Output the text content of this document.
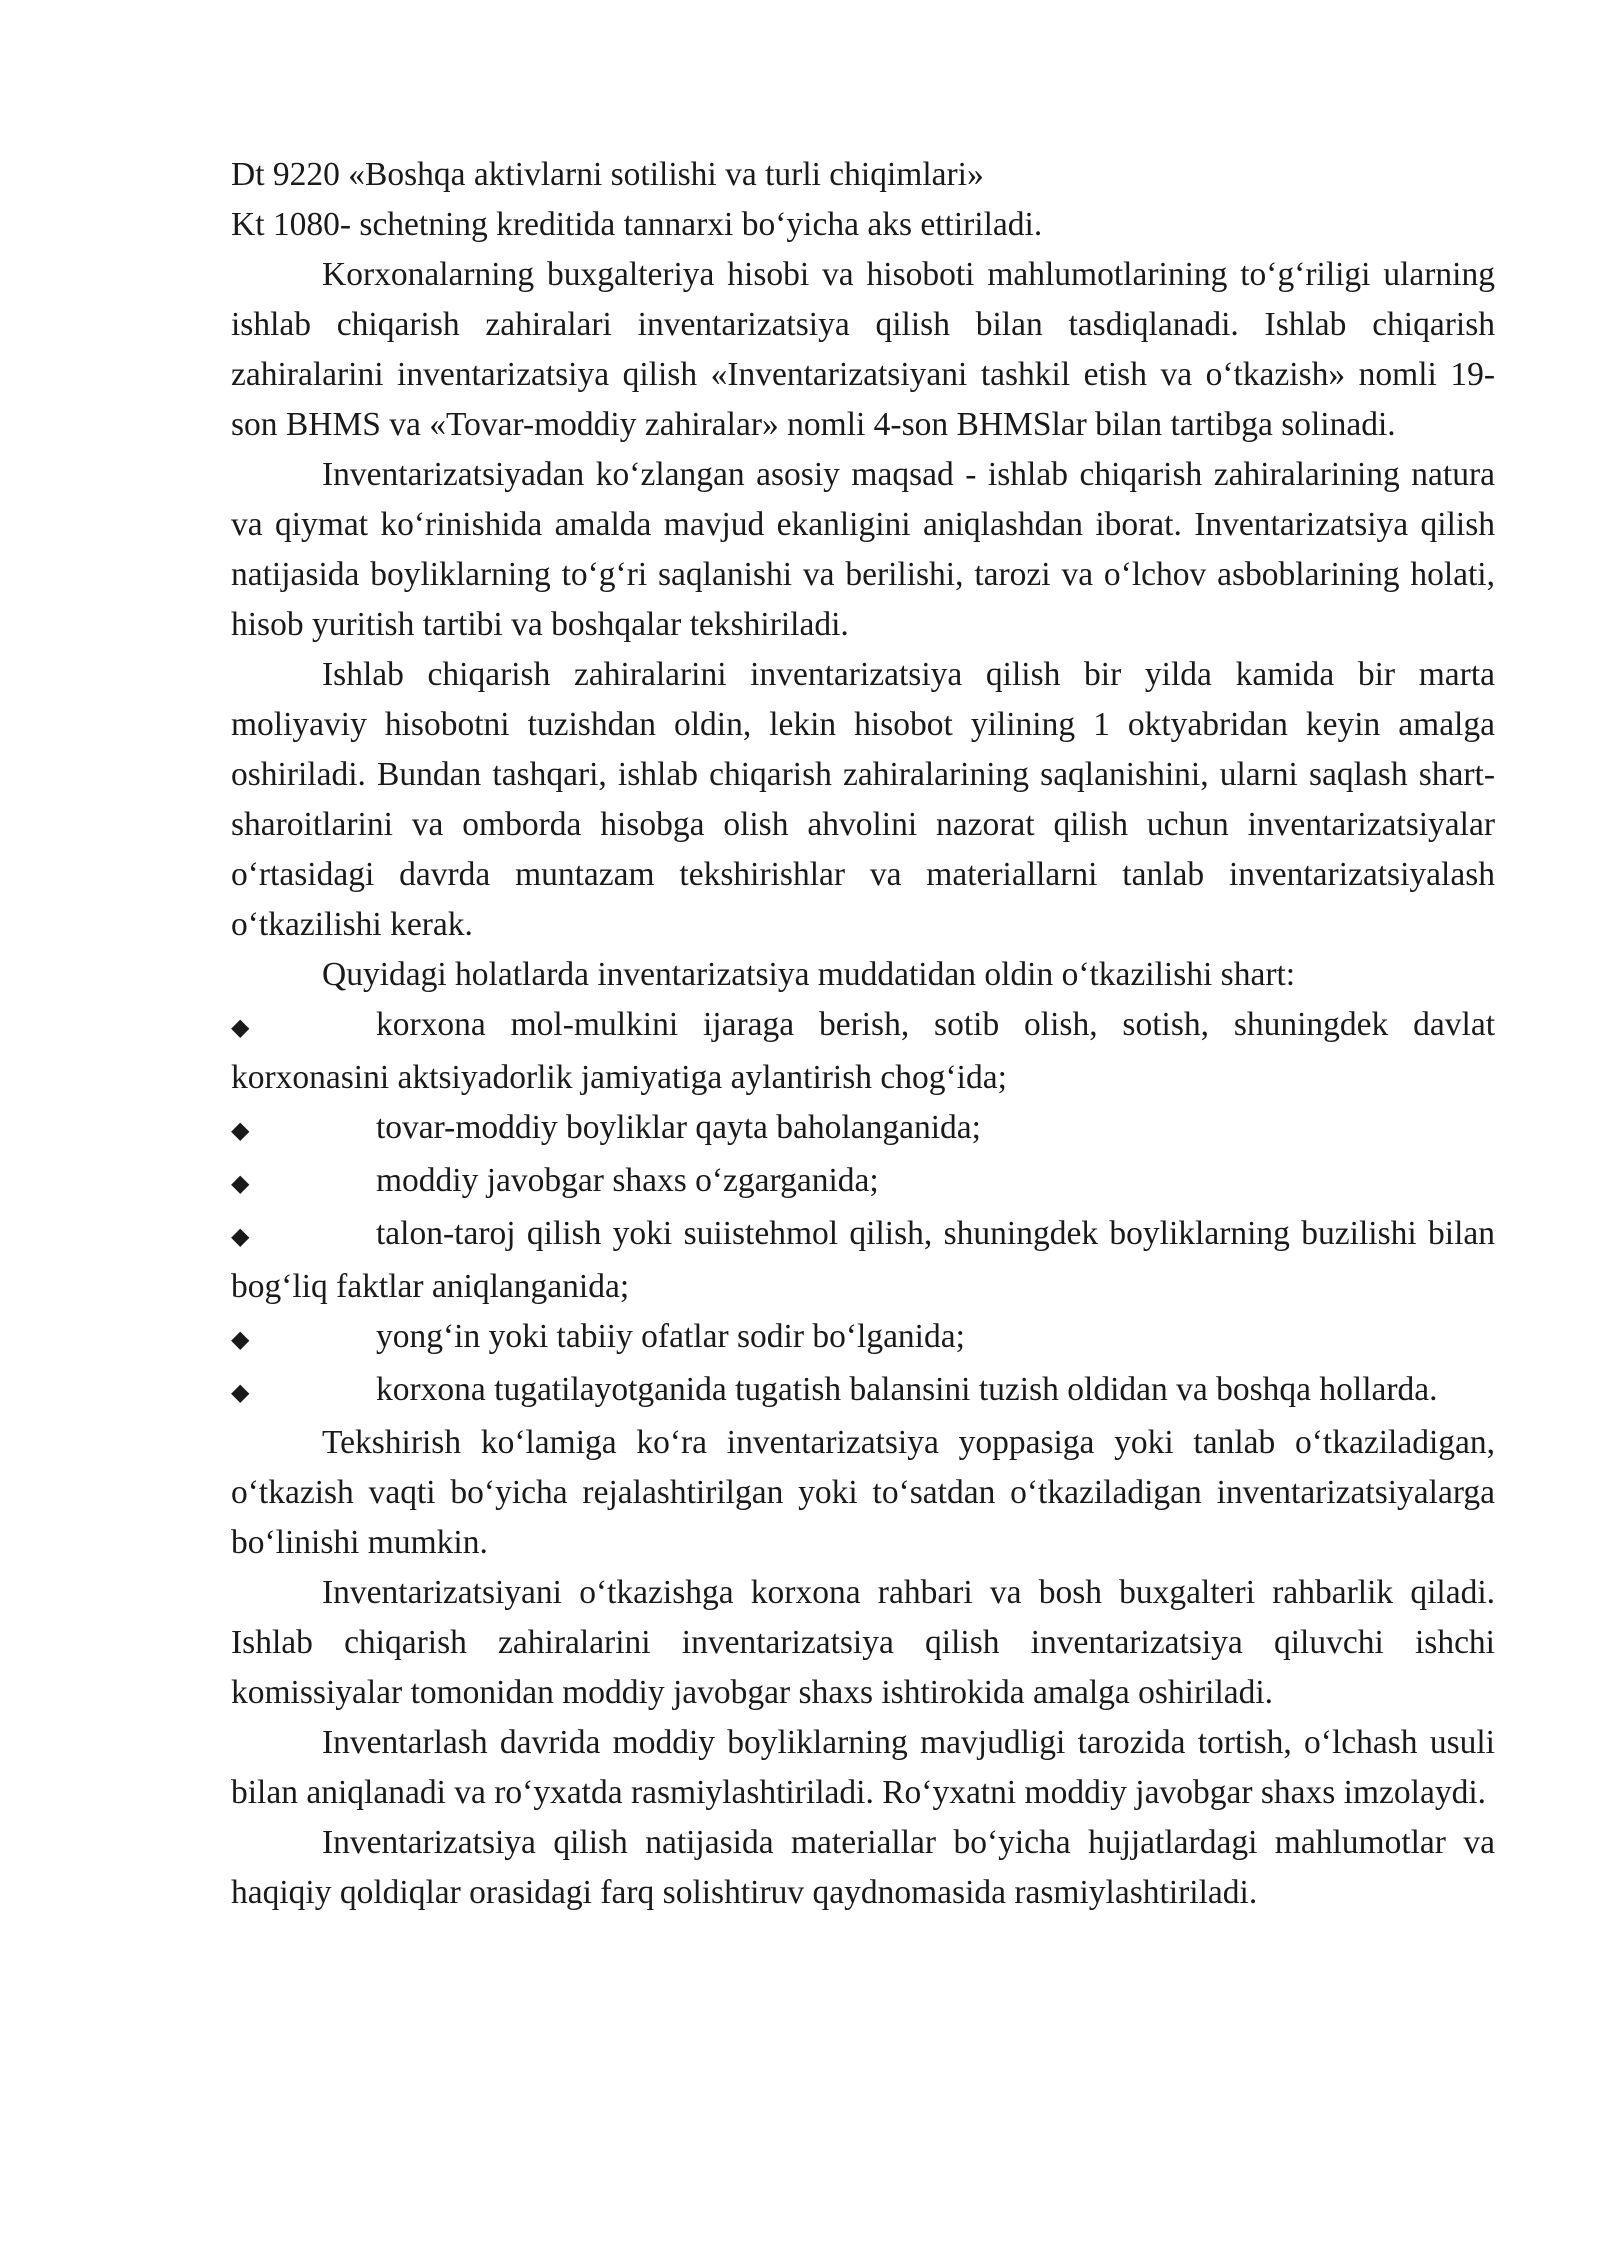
Dt 9220 «Boshqa aktivlarni sotilishi va turli chiqimlari»
Kt 1080- schetning kreditida tannarxi bo‘yicha aks ettiriladi.

Korxonalarning buxgalteriya hisobi va hisoboti mahlumotlarining to‘g‘riligi ularning ishlab chiqarish zahiralari inventarizatsiya qilish bilan tasdiqlanadi. Ishlab chiqarish zahiralarini inventarizatsiya qilish «Inventarizatsiyani tashkil etish va o‘tkazish» nomli 19-son BHMS va «Tovar-moddiy zahiralar» nomli 4-son BHMSlar bilan tartibga solinadi.

Inventarizatsiyadan ko‘zlangan asosiy maqsad - ishlab chiqarish zahiralarining natura va qiymat ko‘rinishida amalda mavjud ekanligini aniqlashdan iborat. Inventarizatsiya qilish natijasida boyliklarning to‘g‘ri saqlanishi va berilishi, tarozi va o‘lchov asboblarining holati, hisob yuritish tartibi va boshqalar tekshiriladi.

Ishlab chiqarish zahiralarini inventarizatsiya qilish bir yilda kamida bir marta moliyaviy hisobotni tuzishdan oldin, lekin hisobot yilining 1 oktyabridan keyin amalga oshiriladi. Bundan tashqari, ishlab chiqarish zahiralarining saqlanishini, ularni saqlash shart-sharoitlarini va omborda hisobga olish ahvolini nazorat qilish uchun inventarizatsiyalar o‘rtasidagi davrda muntazam tekshirishlar va materiallarni tanlab inventarizatsiyalash o‘tkazilishi kerak.

Quyidagi holatlarda inventarizatsiya muddatidan oldin o‘tkazilishi shart:

◆korxona mol-mulkini ijaraga berish, sotib olish, sotish, shuningdek davlat korxonasini aktsiyadorlik jamiyatiga aylantirish chog‘ida;
◆tovar-moddiy boyliklar qayta baholanganida;
◆moddiy javobgar shaxs o‘zgarganida;
◆talon-taroj qilish yoki suiistehmol qilish, shuningdek boyliklarning buzilishi bilan bog‘liq faktlar aniqlanganida;
◆yong‘in yoki tabiiy ofatlar sodir bo‘lganida;
◆korxona tugatilayotganida tugatish balansini tuzish oldidan va boshqa hollarda.

Tekshirish ko‘lamiga ko‘ra inventarizatsiya yoppasiga yoki tanlab o‘tkaziladigan, o‘tkazish vaqti bo‘yicha rejalashtirilgan yoki to‘satdan o‘tkaziladigan inventarizatsiyalarga bo‘linishi mumkin.

Inventarizatsiyani o‘tkazishga korxona rahbari va bosh buxgalteri rahbarlik qiladi. Ishlab chiqarish zahiralarini inventarizatsiya qilish inventarizatsiya qiluvchi ishchi komissiyalar tomonidan moddiy javobgar shaxs ishtirokida amalga oshiriladi.

Inventarlash davrida moddiy boyliklarning mavjudligi tarozida tortish, o‘lchash usuli bilan aniqlanadi va ro‘yxatda rasmiylashtiriladi. Ro‘yxatni moddiy javobgar shaxs imzolaydi.

Inventarizatsiya qilish natijasida materiallar bo‘yicha hujjatlardagi mahlumotlar va haqiqiy qoldiqlar orasidagi farq solishtiruv qaydnomasida rasmiylashtiriladi.
